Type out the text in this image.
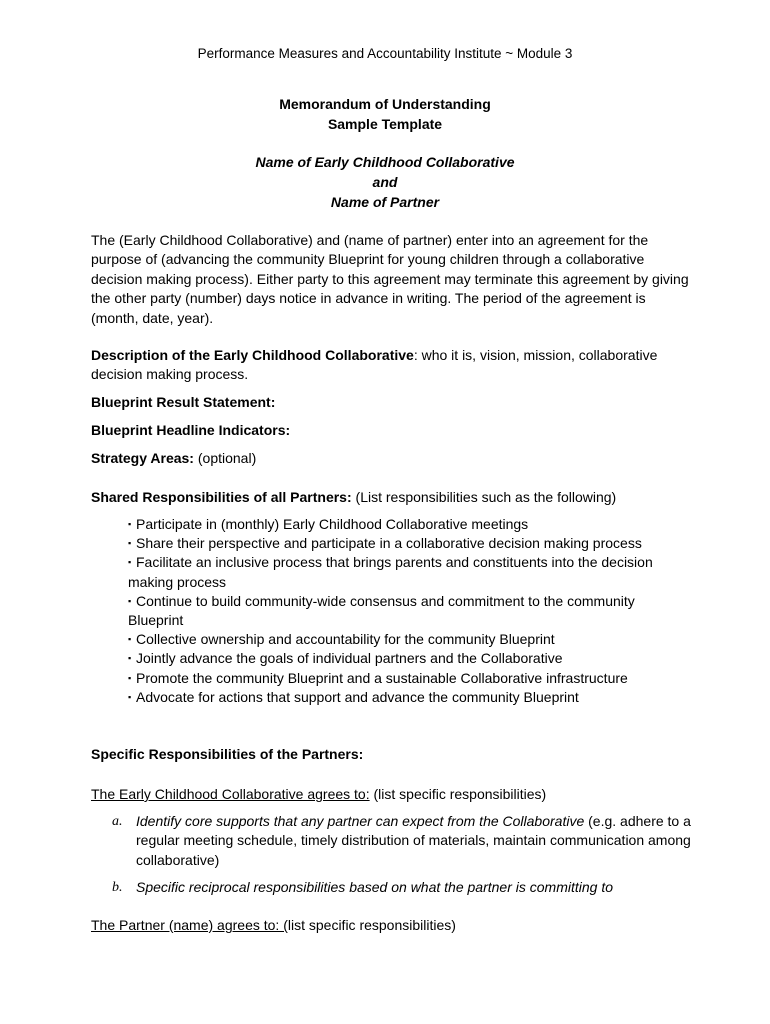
Performance Measures and Accountability Institute ~ Module 3
Memorandum of Understanding
Sample Template
Name of Early Childhood Collaborative
and
Name of Partner

The (Early Childhood Collaborative) and (name of partner) enter into an agreement for the purpose of (advancing the community Blueprint for young children through a collaborative decision making process). Either party to this agreement may terminate this agreement by giving the other party (number) days notice in advance in writing. The period of the agreement is (month, date, year).

Description of the Early Childhood Collaborative: who it is, vision, mission, collaborative decision making process.

Blueprint Result Statement:

Blueprint Headline Indicators:

Strategy Areas: (optional)

Shared Responsibilities of all Partners: (List responsibilities such as the following)

▪ Participate in (monthly) Early Childhood Collaborative meetings
▪ Share their perspective and participate in a collaborative decision making process
▪ Facilitate an inclusive process that brings parents and constituents into the decision making process
▪ Continue to build community-wide consensus and commitment to the community Blueprint
▪ Collective ownership and accountability for the community Blueprint
▪ Jointly advance the goals of individual partners and the Collaborative
▪ Promote the community Blueprint and a sustainable Collaborative infrastructure
▪ Advocate for actions that support and advance the community Blueprint

Specific Responsibilities of the Partners:

The Early Childhood Collaborative agrees to: (list specific responsibilities)

a. Identify core supports that any partner can expect from the Collaborative (e.g. adhere to a regular meeting schedule, timely distribution of materials, maintain communication among collaborative)
b. Specific reciprocal responsibilities based on what the partner is committing to

The Partner (name) agrees to: (list specific responsibilities)
